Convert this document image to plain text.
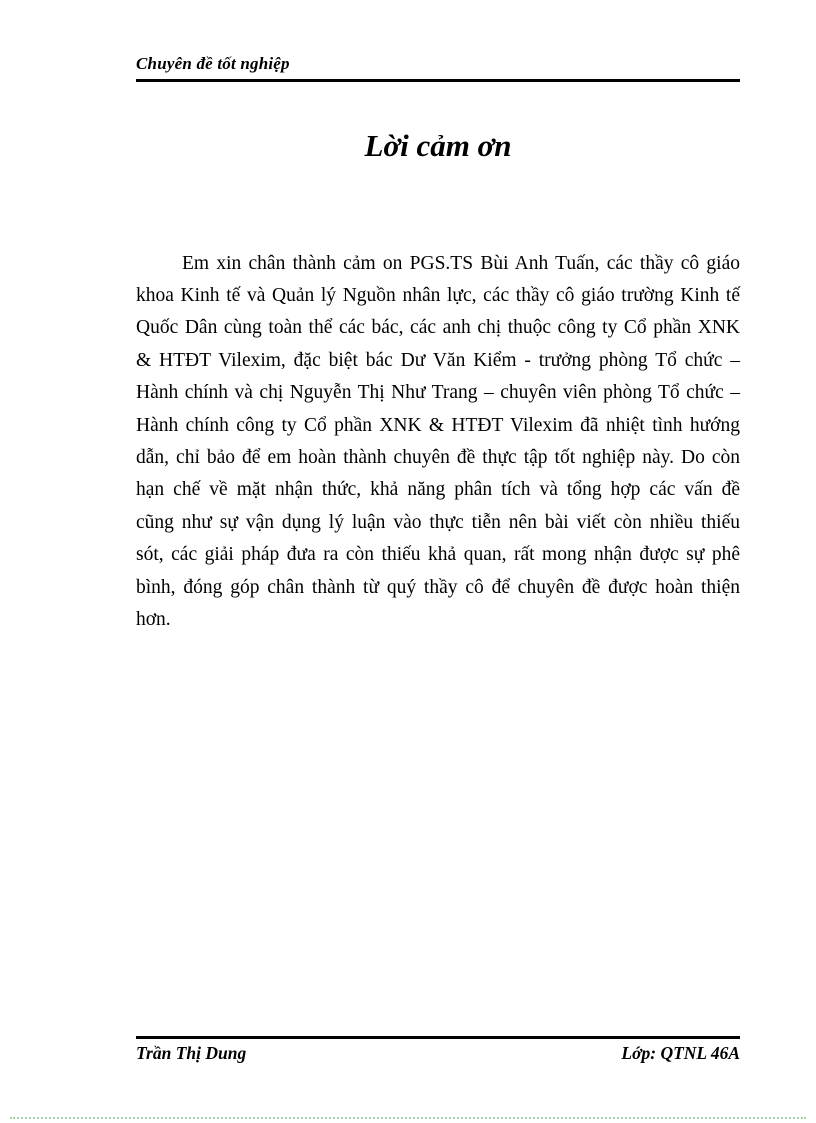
Chuyên đề tốt nghiệp
Lời cảm ơn

Em xin chân thành cảm on PGS.TS Bùi Anh Tuấn, các thầy cô giáo khoa Kinh tế và Quản lý Nguồn nhân lực, các thầy cô giáo trường Kinh tế Quốc Dân cùng toàn thể các bác, các anh chị thuộc công ty Cổ phần XNK & HTĐT Vilexim, đặc biệt bác Dư Văn Kiểm - trưởng phòng Tổ chức – Hành chính và chị Nguyễn Thị Như Trang – chuyên viên phòng Tổ chức – Hành chính công ty Cổ phần XNK & HTĐT Vilexim đã nhiệt tình hướng dẫn, chỉ bảo để em hoàn thành chuyên đề thực tập tốt nghiệp này. Do còn hạn chế về mặt nhận thức, khả năng phân tích và tổng hợp các vấn đề cũng như sự vận dụng lý luận vào thực tiễn nên bài viết còn nhiều thiếu sót, các giải pháp đưa ra còn thiếu khả quan, rất mong nhận được sự phê bình, đóng góp chân thành từ quý thầy cô để chuyên đề được hoàn thiện hơn.

Trần Thị Dung	Lớp: QTNL 46A
